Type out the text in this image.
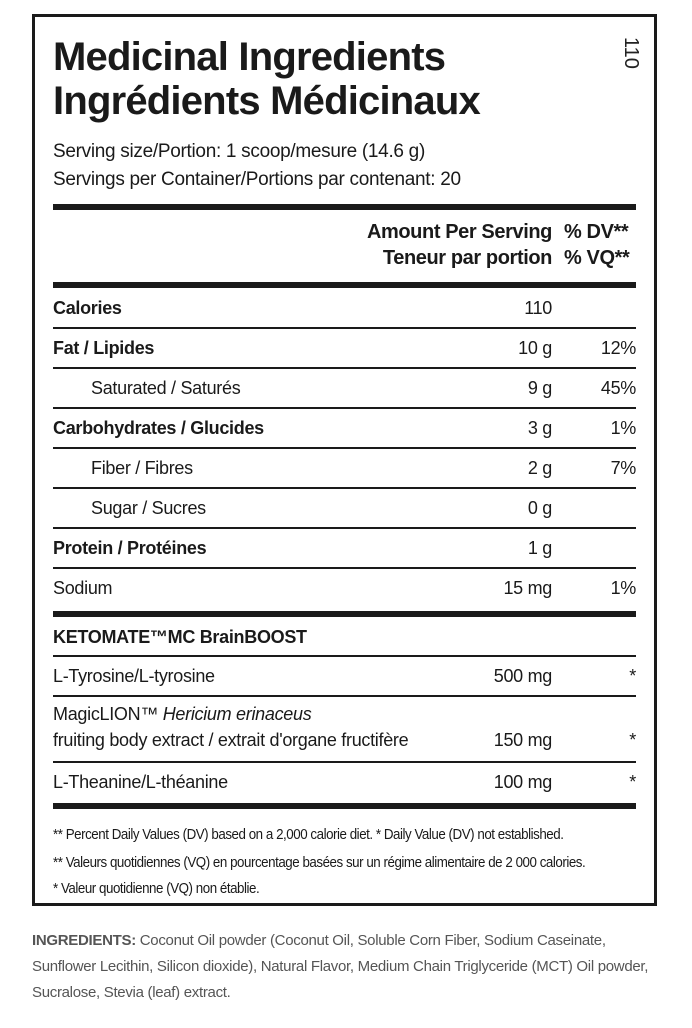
Medicinal Ingredients
Ingrédients Médicinaux
110
Serving size/Portion: 1 scoop/mesure (14.6 g)
Servings per Container/Portions par contenant: 20
Amount Per Serving
Teneur par portion
% DV**
% VQ**
Calories	110
Fat / Lipides	10 g	12%
Saturated / Saturés	9 g	45%
Carbohydrates / Glucides	3 g	1%
Fiber / Fibres	2 g	7%
Sugar / Sucres	0 g
Protein / Protéines	1 g
Sodium	15 mg	1%
KETOMATE™MC BrainBOOST
L-Tyrosine/L-tyrosine	500 mg	*
MagicLION™ Hericium erinaceus
fruiting body extract / extrait d'organe fructifère	150 mg	*
L-Theanine/L-théanine	100 mg	*
** Percent Daily Values (DV) based on a 2,000 calorie diet. * Daily Value (DV) not established.
** Valeurs quotidiennes (VQ) en pourcentage basées sur un régime alimentaire de 2 000 calories.
* Valeur quotidienne (VQ) non établie.
INGREDIENTS: Coconut Oil powder (Coconut Oil, Soluble Corn Fiber, Sodium Caseinate, Sunflower Lecithin, Silicon dioxide), Natural Flavor, Medium Chain Triglyceride (MCT) Oil powder, Sucralose, Stevia (leaf) extract.
